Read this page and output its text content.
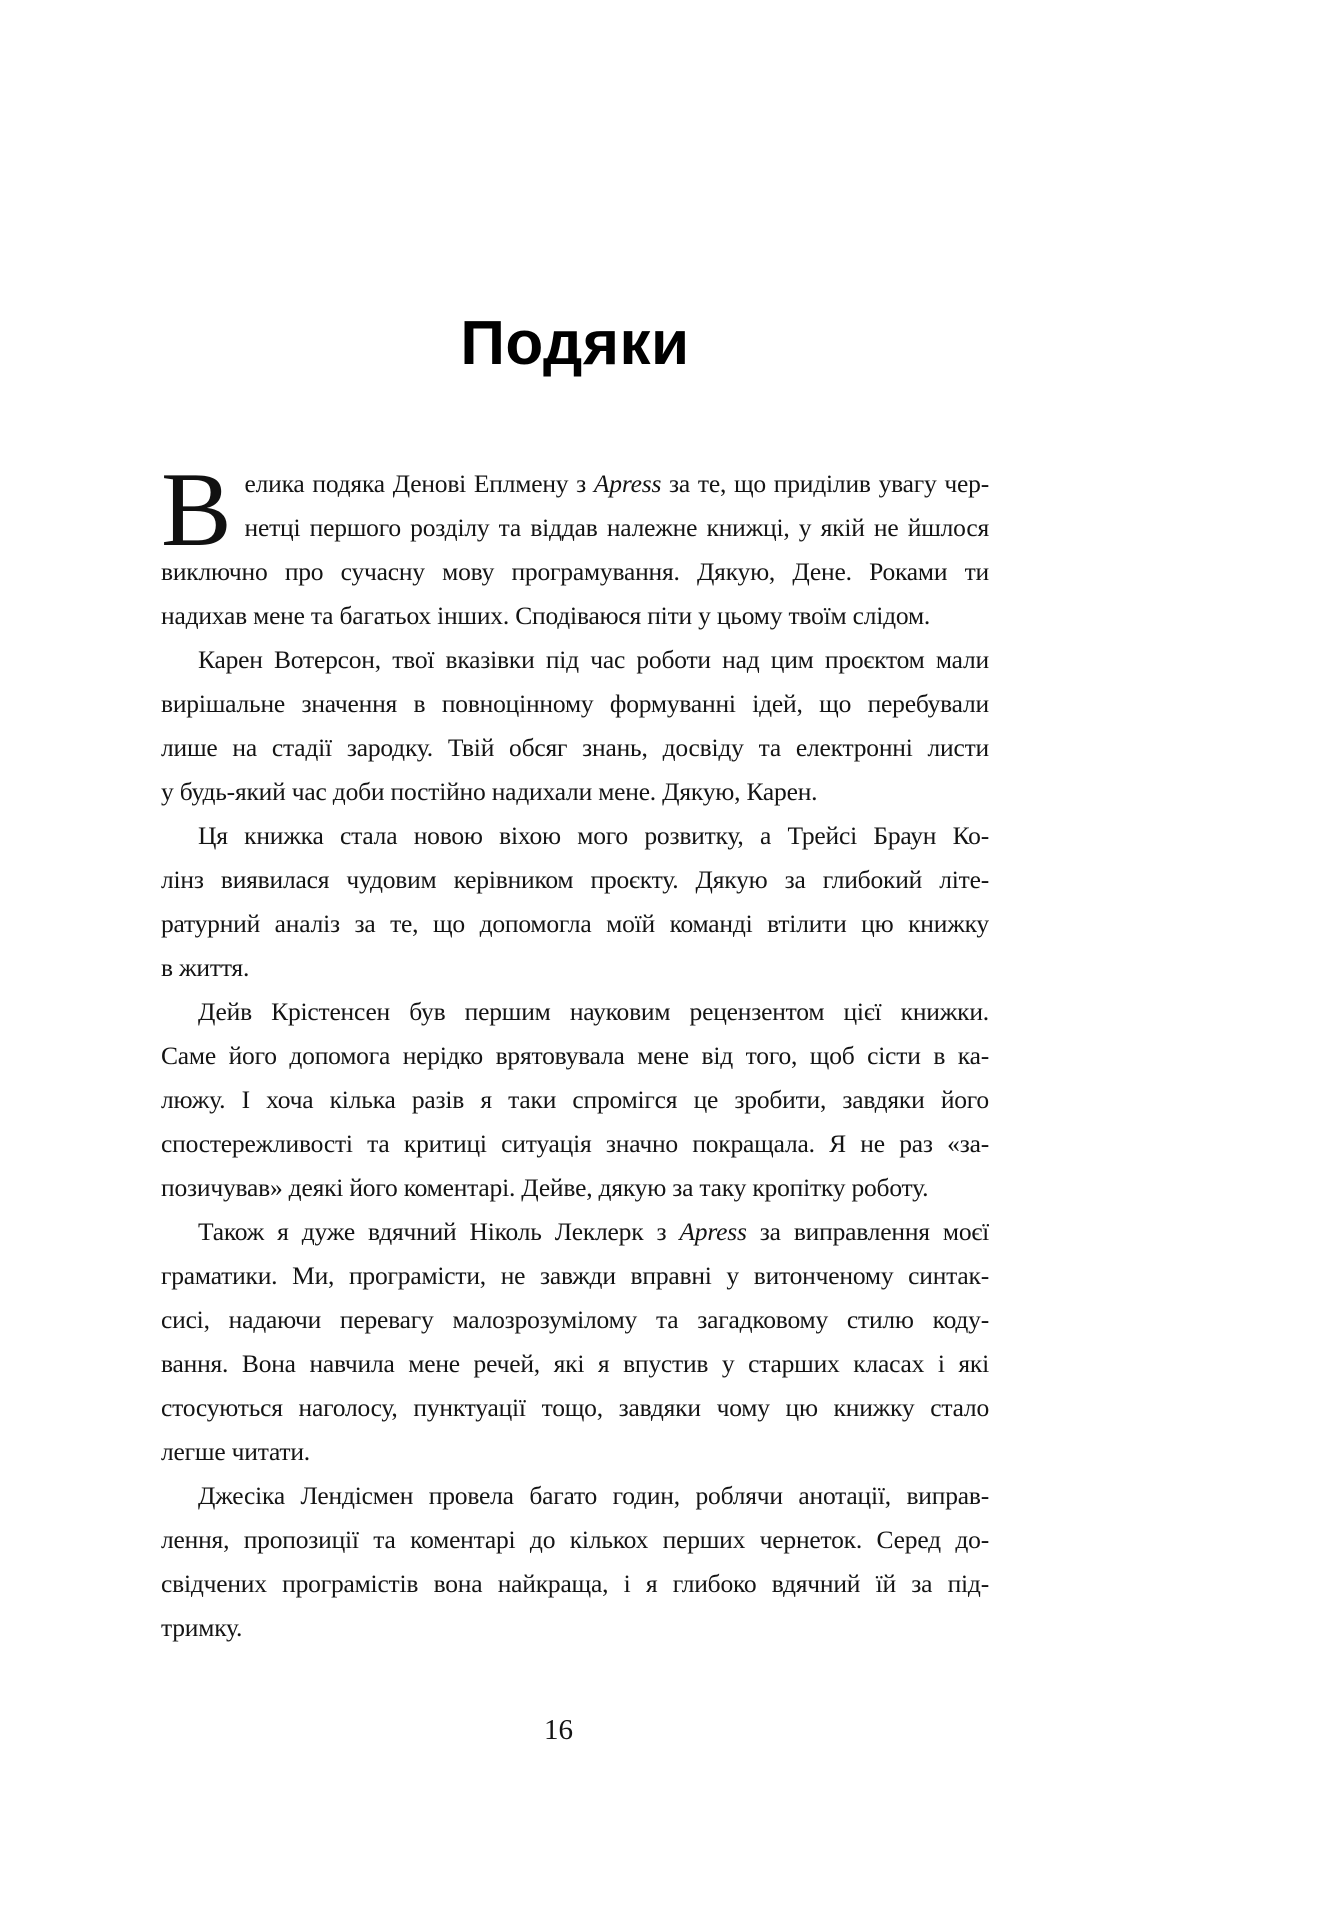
Подяки
В елика подяка Денові Еплмену з Apress за те, що приділив увагу чер-
нетці першого розділу та віддав належне книжці, у якій не йшлося
виключно про сучасну мову програмування. Дякую, Дене. Роками ти
надихав мене та багатьох інших. Сподіваюся піти у цьому твоїм слідом.
Карен Вотерсон, твої вказівки під час роботи над цим проєктом мали
вирішальне значення в повноцінному формуванні ідей, що перебували
лише на стадії зародку. Твій обсяг знань, досвіду та електронні листи
у будь-який час доби постійно надихали мене. Дякую, Карен.
Ця книжка стала новою віхою мого розвитку, а Трейсі Браун Ко-
лінз виявилася чудовим керівником проєкту. Дякую за глибокий літе-
ратурний аналіз за те, що допомогла моїй команді втілити цю книжку
в життя.
Дейв Крістенсен був першим науковим рецензентом цієї книжки.
Саме його допомога нерідко врятовувала мене від того, щоб сісти в ка-
люжу. І хоча кілька разів я таки спромігся це зробити, завдяки його
спостережливості та критиці ситуація значно покращала. Я не раз «за-
позичував» деякі його коментарі. Дейве, дякую за таку кропітку роботу.
Також я дуже вдячний Ніколь Леклерк з Apress за виправлення моєї
граматики. Ми, програмісти, не завжди вправні у витонченому синтак-
сисі, надаючи перевагу малозрозумілому та загадковому стилю коду-
вання. Вона навчила мене речей, які я впустив у старших класах і які
стосуються наголосу, пунктуації тощо, завдяки чому цю книжку стало
легше читати.
Джесіка Лендісмен провела багато годин, роблячи анотації, виправ-
лення, пропозиції та коментарі до кількох перших чернеток. Серед до-
свідчених програмістів вона найкраща, і я глибоко вдячний їй за під-
тримку.
16
